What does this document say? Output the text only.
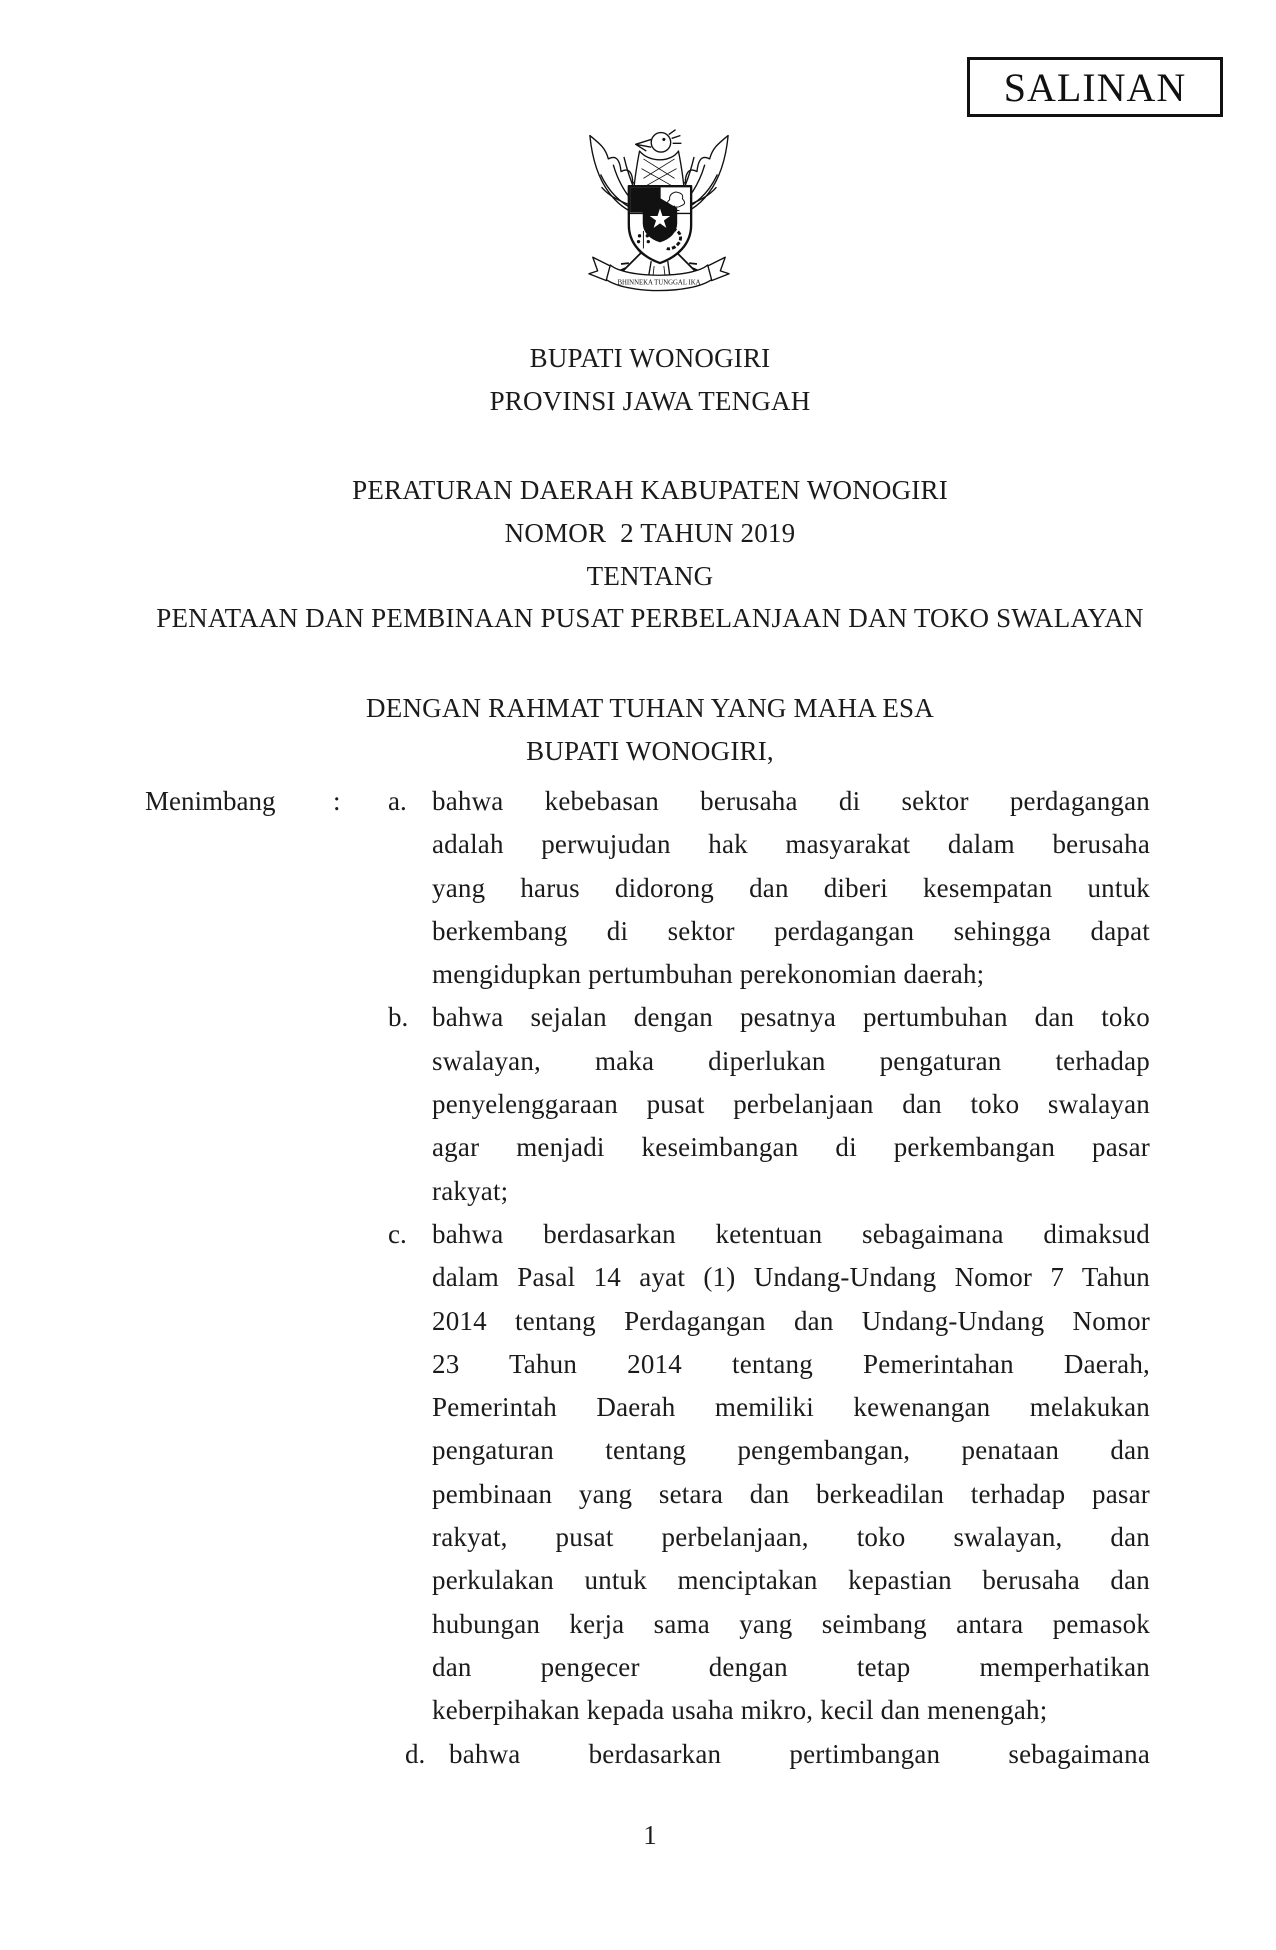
SALINAN
BHINNEKA TUNGGAL IKA
BUPATI WONOGIRI
PROVINSI JAWA TENGAH
PERATURAN DAERAH KABUPATEN WONOGIRI
NOMOR  2 TAHUN 2019
TENTANG
PENATAAN DAN PEMBINAAN PUSAT PERBELANJAAN DAN TOKO SWALAYAN
DENGAN RAHMAT TUHAN YANG MAHA ESA
BUPATI WONOGIRI,
Menimbang : a. bahwa kebebasan berusaha di sektor perdagangan
adalah perwujudan hak masyarakat dalam berusaha
yang harus didorong dan diberi kesempatan untuk
berkembang di sektor perdagangan sehingga dapat
mengidupkan pertumbuhan perekonomian daerah;
b. bahwa sejalan dengan pesatnya pertumbuhan dan toko
swalayan, maka diperlukan pengaturan terhadap
penyelenggaraan pusat perbelanjaan dan toko swalayan
agar menjadi keseimbangan di perkembangan pasar
rakyat;
c. bahwa berdasarkan ketentuan sebagaimana dimaksud
dalam Pasal 14 ayat (1) Undang-Undang Nomor 7 Tahun
2014 tentang Perdagangan dan Undang-Undang Nomor
23 Tahun 2014 tentang Pemerintahan Daerah,
Pemerintah Daerah memiliki kewenangan melakukan
pengaturan tentang pengembangan, penataan dan
pembinaan yang setara dan berkeadilan terhadap pasar
rakyat, pusat perbelanjaan, toko swalayan, dan
perkulakan untuk menciptakan kepastian berusaha dan
hubungan kerja sama yang seimbang antara pemasok
dan pengecer dengan tetap memperhatikan
keberpihakan kepada usaha mikro, kecil dan menengah;
d. bahwa berdasarkan pertimbangan sebagaimana
1
